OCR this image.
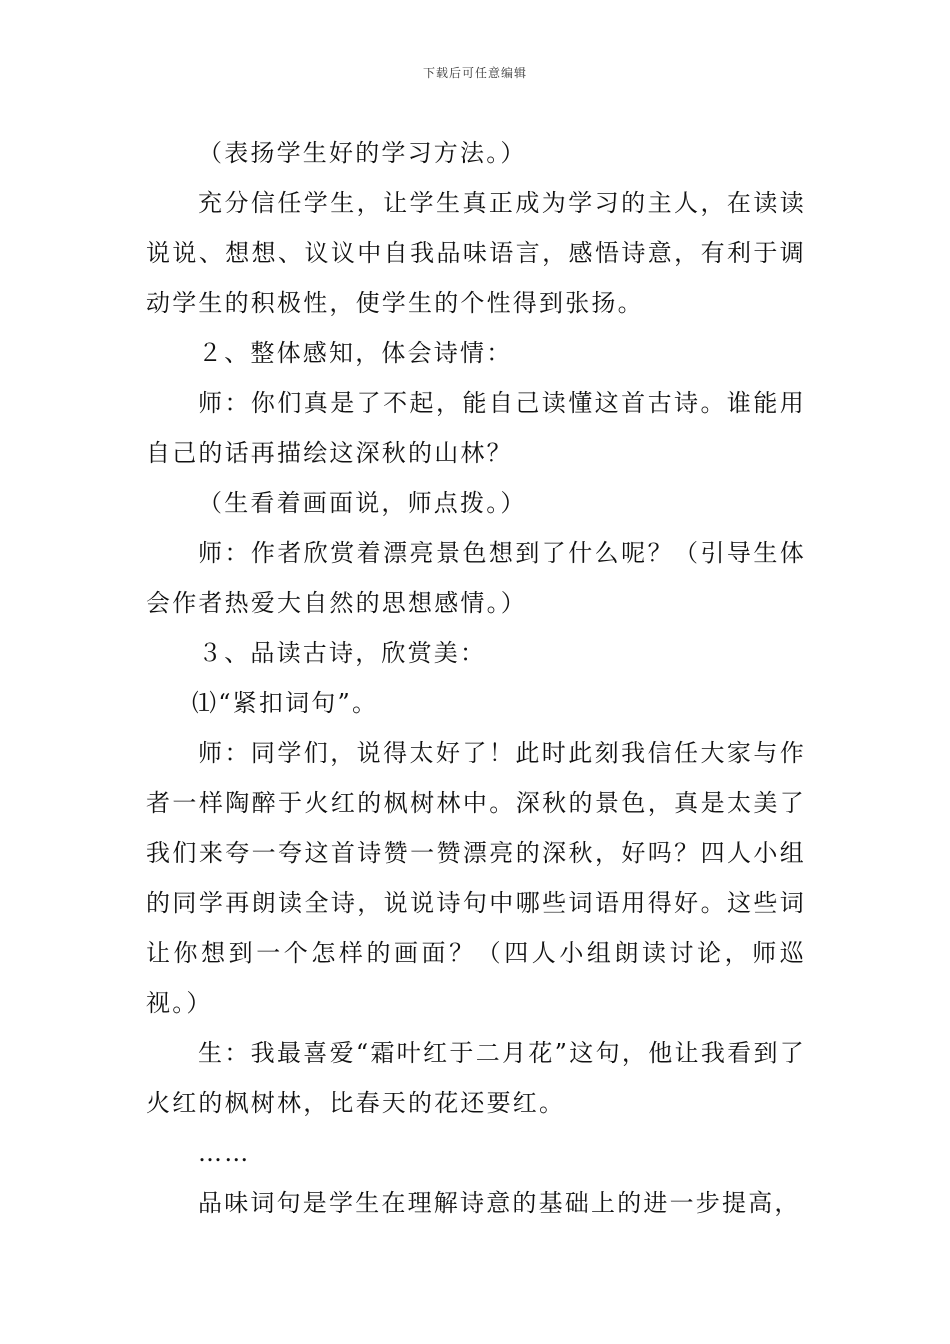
下载后可任意编辑

（表扬学生好的学习方法。）

充分信任学生，让学生真正成为学习的主人，在读读说说、想想、议议中自我品味语言，感悟诗意，有利于调动学生的积极性，使学生的个性得到张扬。

２、整体感知，体会诗情：

师：你们真是了不起，能自己读懂这首古诗。谁能用自己的话再描绘这深秋的山林？

（生看着画面说，师点拨。）

师：作者欣赏着漂亮景色想到了什么呢？（引导生体会作者热爱大自然的思想感情。）

３、品读古诗，欣赏美：

⑴“紧扣词句”。

师：同学们，说得太好了！此时此刻我信任大家与作者一样陶醉于火红的枫树林中。深秋的景色，真是太美了我们来夸一夸这首诗赞一赞漂亮的深秋，好吗？四人小组的同学再朗读全诗，说说诗句中哪些词语用得好。这些词让你想到一个怎样的画面？（四人小组朗读讨论，师巡视。）

生：我最喜爱“霜叶红于二月花”这句，他让我看到了火红的枫树林，比春天的花还要红。

……

品味词句是学生在理解诗意的基础上的进一步提高，
